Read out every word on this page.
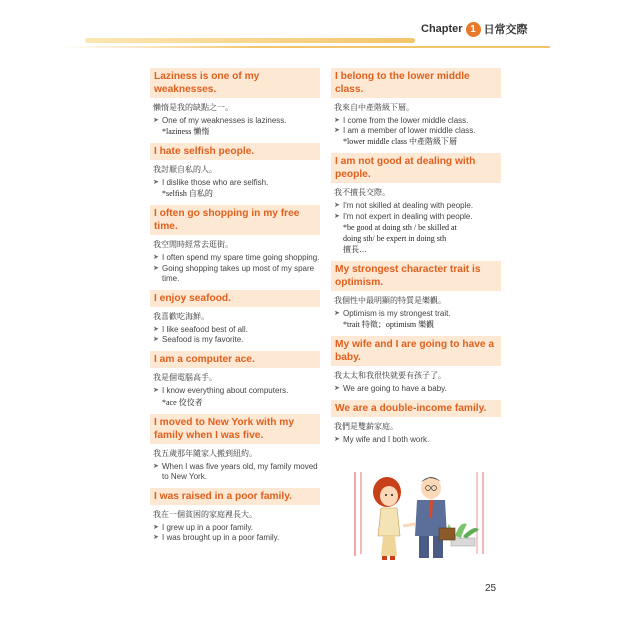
Chapter 1 日常交際
Laziness is one of my weaknesses.
懶惰是我的缺點之一。
➤ One of my weaknesses is laziness.
*laziness 懶惰
I hate selfish people.
我討厭自私的人。
➤ I dislike those who are selfish.
*selfish 自私的
I often go shopping in my free time.
我空閒時經常去逛街。
➤ I often spend my spare time going shopping.
➤ Going shopping takes up most of my spare time.
I enjoy seafood.
我喜歡吃海鮮。
➤ I like seafood best of all.
➤ Seafood is my favorite.
I am a computer ace.
我是個電腦高手。
➤ I know everything about computers.
*ace 佼佼者
I moved to New York with my family when I was five.
我五歲那年隨家人搬到紐約。
➤ When I was five years old, my family moved to New York.
I was raised in a poor family.
我在一個貧困的家庭裡長大。
➤ I grew up in a poor family.
➤ I was brought up in a poor family.
I belong to the lower middle class.
我來自中產階級下層。
➤ I come from the lower middle class.
➤ I am a member of lower middle class.
*lower middle class 中產階級下層
I am not good at dealing with people.
我不擅長交際。
➤ I'm not skilled at dealing with people.
➤ I'm not expert in dealing with people.
*be good at doing sth / be skilled at
doing sth/ be expert in doing sth
擅長…
My strongest character trait is optimism.
我個性中最明顯的特質是樂觀。
➤ Optimism is my strongest trait.
*trait 特徵；optimism 樂觀
My wife and I are going to have a baby.
我太太和我很快就要有孩子了。
➤ We are going to have a baby.
We are a double-income family.
我們是雙薪家庭。
➤ My wife and I both work.
25
